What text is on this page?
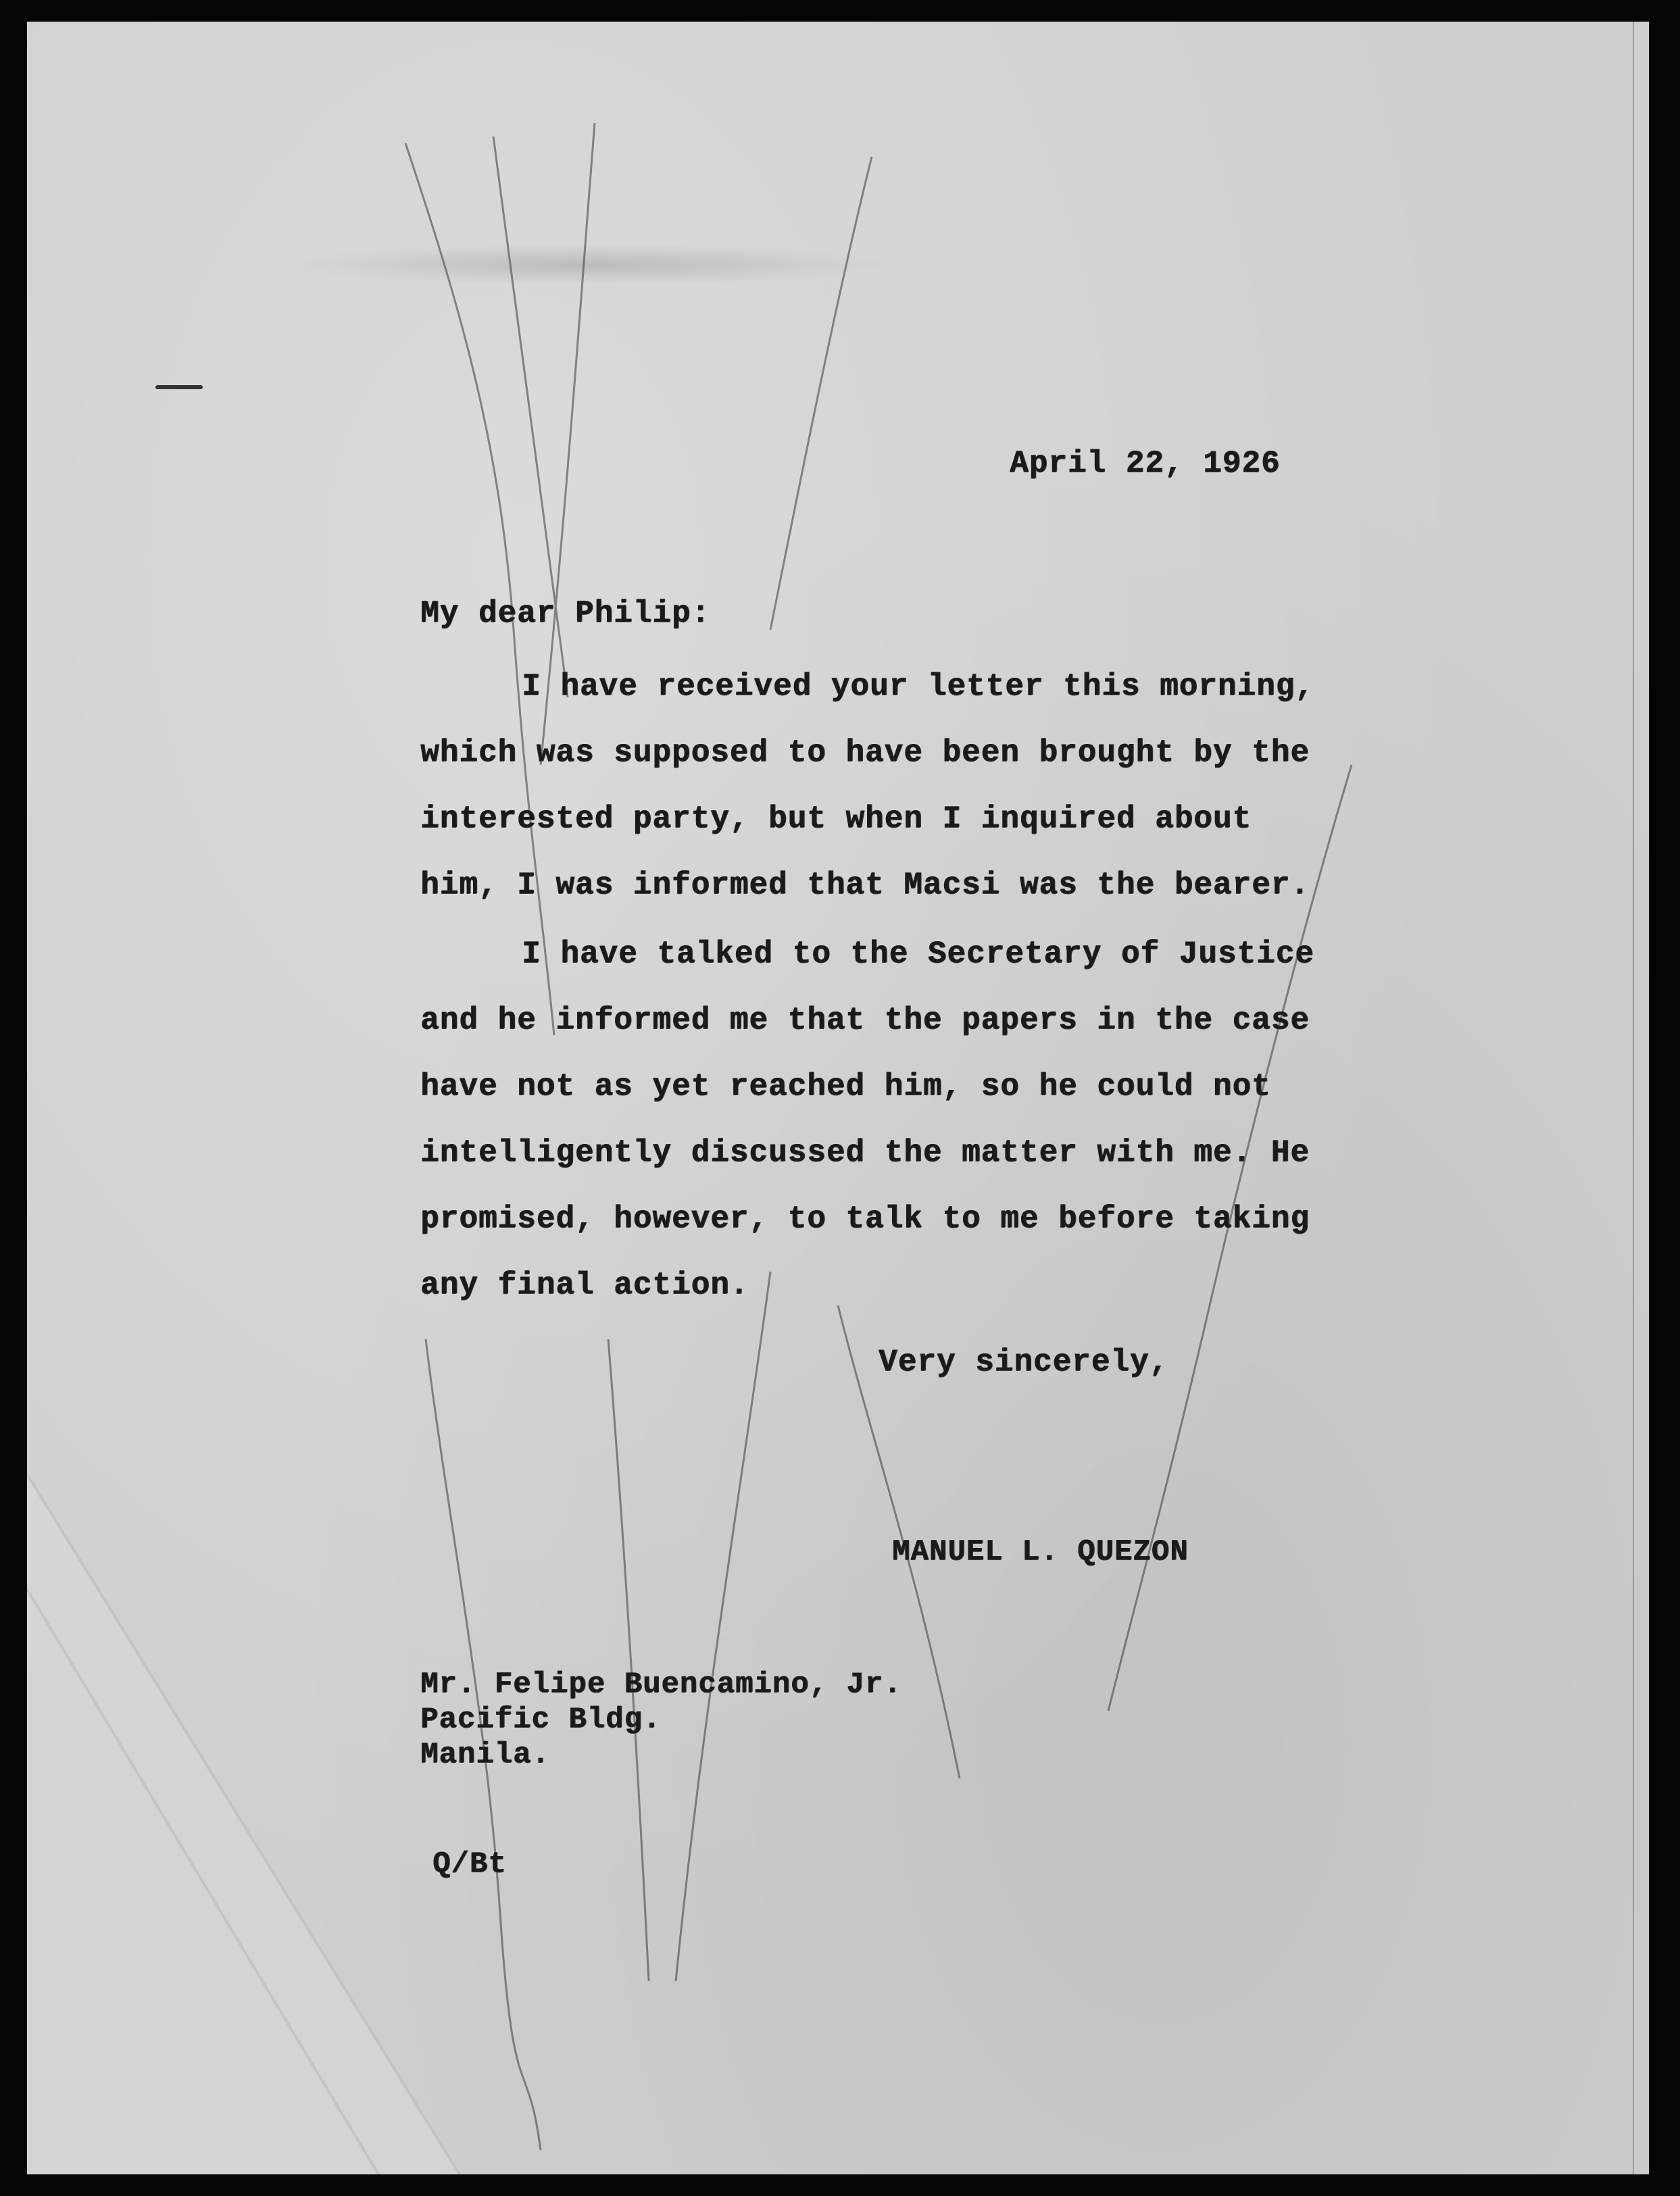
April 22, 1926
My dear Philip:
I have received your letter this morning,
which was supposed to have been brought by the
interested party, but when I inquired about
him, I was informed that Macsi was the bearer.
I have talked to the Secretary of Justice
and he informed me that the papers in the case
have not as yet reached him, so he could not
intelligently discussed the matter with me. He
promised, however, to talk to me before taking
any final action.
Very sincerely,
MANUEL L. QUEZON
Mr. Felipe Buencamino, Jr.
Pacific Bldg.
Manila.
Q/Bt
